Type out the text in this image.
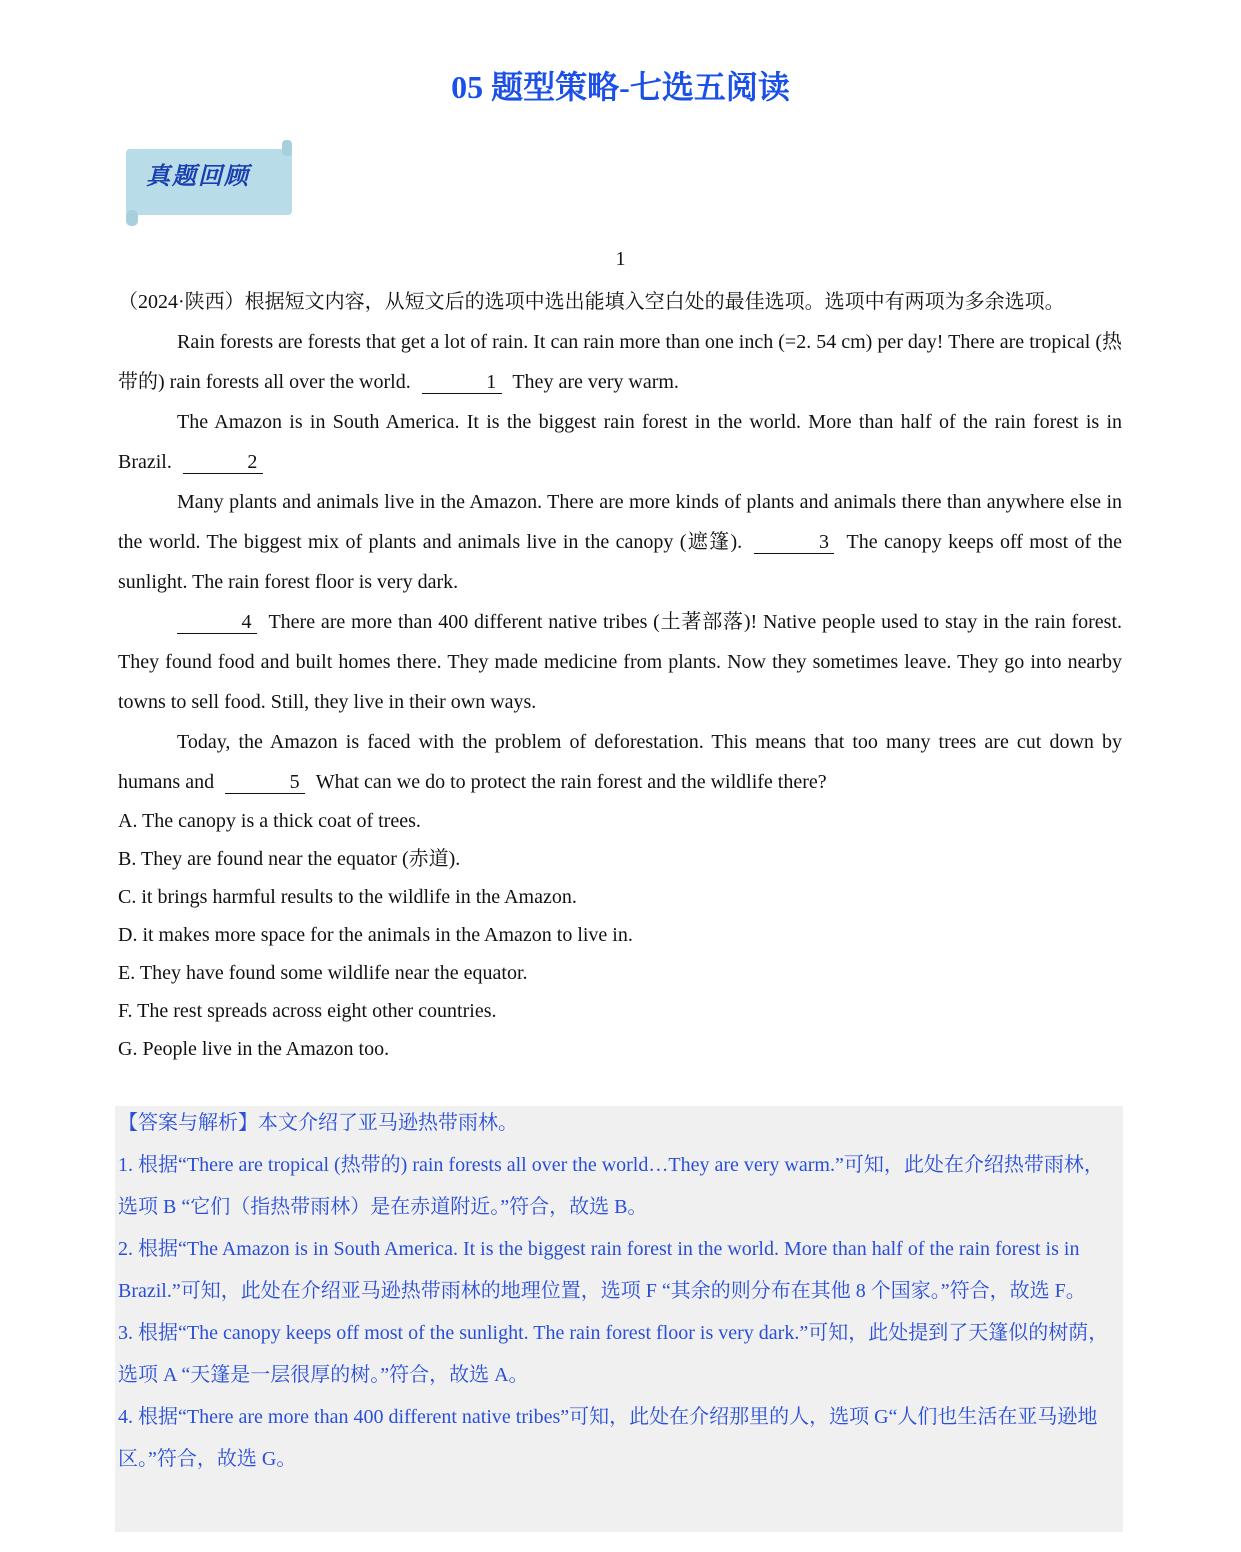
05 题型策略-七选五阅读
真题回顾
1

（2024·陕西）根据短文内容，从短文后的选项中选出能填入空白处的最佳选项。选项中有两项为多余选项。

Rain forests are forests that get a lot of rain. It can rain more than one inch (=2. 54 cm) per day! There are tropical (热带的) rain forests all over the world.	1 They are very warm.

The Amazon is in South America. It is the biggest rain forest in the world. More than half of the rain forest is in Brazil.	2

Many plants and animals live in the Amazon. There are more kinds of plants and animals there than anywhere else in the world. The biggest mix of plants and animals live in the canopy (遮篷).	3 The canopy keeps off most of the sunlight. The rain forest floor is very dark.

4 There are more than 400 different native tribes (土著部落)! Native people used to stay in the rain forest. They found food and built homes there. They made medicine from plants. Now they sometimes leave. They go into nearby towns to sell food. Still, they live in their own ways.

Today, the Amazon is faced with the problem of deforestation. This means that too many trees are cut down by humans and	5 What can we do to protect the rain forest and the wildlife there?

A. The canopy is a thick coat of trees.

B. They are found near the equator (赤道).

C. it brings harmful results to the wildlife in the Amazon.

D. it makes more space for the animals in the Amazon to live in.

E. They have found some wildlife near the equator.

F. The rest spreads across eight other countries.

G. People live in the Amazon too.

【答案与解析】本文介绍了亚马逊热带雨林。

1. 根据“There are tropical (热带的) rain forests all over the world…They are very warm.”可知，此处在介绍热带雨林，选项 B “它们（指热带雨林）是在赤道附近。”符合，故选 B。

2. 根据“The Amazon is in South America. It is the biggest rain forest in the world. More than half of the rain forest is in Brazil.”可知，此处在介绍亚马逊热带雨林的地理位置，选项 F “其余的则分布在其他 8 个国家。”符合，故选 F。

3. 根据“The canopy keeps off most of the sunlight. The rain forest floor is very dark.”可知，此处提到了天篷似的树荫，选项 A “天篷是一层很厚的树。”符合，故选 A。

4. 根据“There are more than 400 different native tribes”可知，此处在介绍那里的人，选项 G“人们也生活在亚马逊地区。”符合，故选 G。
